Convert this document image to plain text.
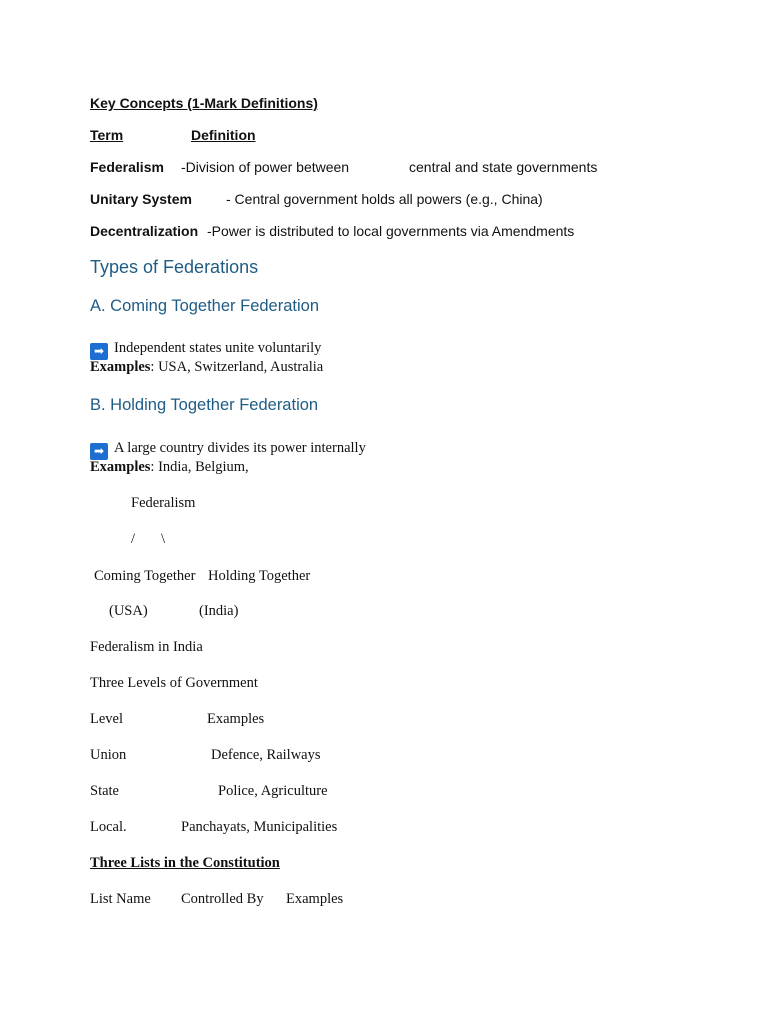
Key Concepts (1-Mark Definitions)
Term	Definition
Federalism -Division of power between	central and state governments
Unitary System - Central government holds all powers (e.g., China)
Decentralization -Power is distributed to local governments via Amendments
Types of Federations
A. Coming Together Federation
➡ Independent states unite voluntarily
Examples: USA, Switzerland, Australia
B. Holding Together Federation
➡ A large country divides its power internally
Examples: India, Belgium,
Federalism
/ \
Coming Together Holding Together
(USA)	(India)
Federalism in India
Three Levels of Government
Level	Examples
Union	Defence, Railways
State	Police, Agriculture
Local.	Panchayats, Municipalities
Three Lists in the Constitution
List Name Controlled By Examples
